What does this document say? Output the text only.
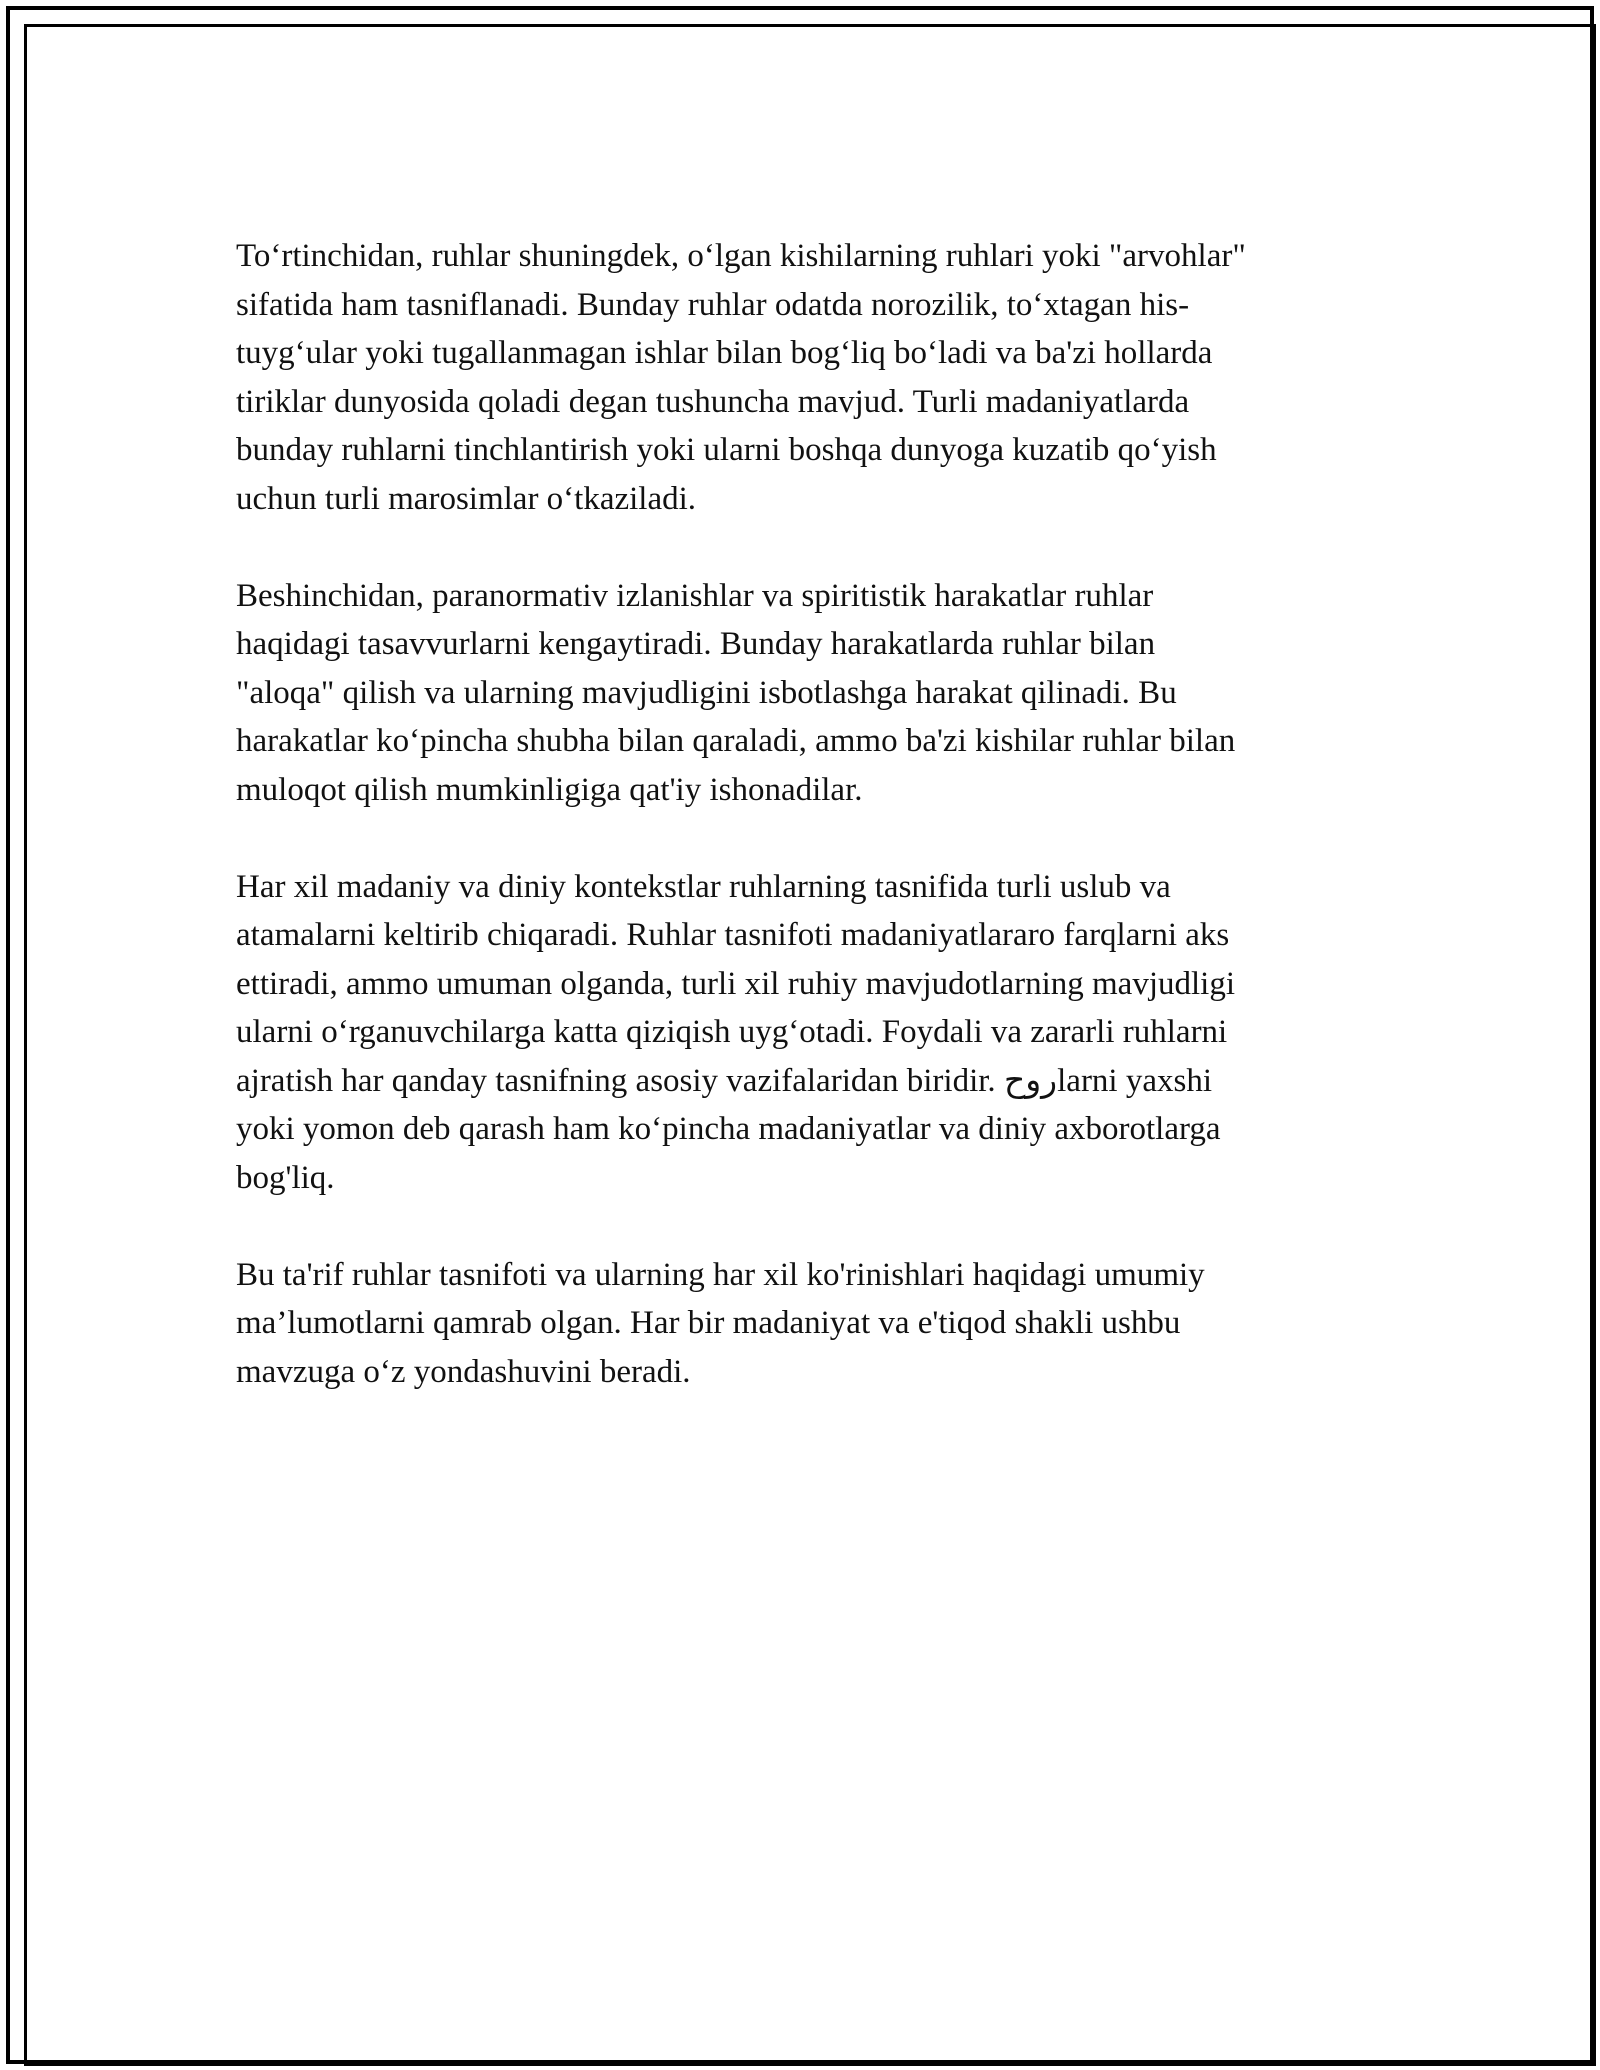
To‘rtinchidan, ruhlar shuningdek, o‘lgan kishilarning ruhlari yoki "arvohlar"
sifatida ham tasniflanadi. Bunday ruhlar odatda norozilik, to‘xtagan his-
tuyg‘ular yoki tugallanmagan ishlar bilan bog‘liq bo‘ladi va ba'zi hollarda
tiriklar dunyosida qoladi degan tushuncha mavjud. Turli madaniyatlarda
bunday ruhlarni tinchlantirish yoki ularni boshqa dunyoga kuzatib qo‘yish
uchun turli marosimlar o‘tkaziladi.

Beshinchidan, paranormativ izlanishlar va spiritistik harakatlar ruhlar
haqidagi tasavvurlarni kengaytiradi. Bunday harakatlarda ruhlar bilan
"aloqa" qilish va ularning mavjudligini isbotlashga harakat qilinadi. Bu
harakatlar ko‘pincha shubha bilan qaraladi, ammo ba'zi kishilar ruhlar bilan
muloqot qilish mumkinligiga qat'iy ishonadilar.

Har xil madaniy va diniy kontekstlar ruhlarning tasnifida turli uslub va
atamalarni keltirib chiqaradi. Ruhlar tasnifoti madaniyatlararo farqlarni aks
ettiradi, ammo umuman olganda, turli xil ruhiy mavjudotlarning mavjudligi
ularni o‘rganuvchilarga katta qiziqish uyg‘otadi. Foydali va zararli ruhlarni
ajratish har qanday tasnifning asosiy vazifalaridan biridir. روحlarni yaxshi
yoki yomon deb qarash ham ko‘pincha madaniyatlar va diniy axborotlarga
bog'liq.

Bu ta'rif ruhlar tasnifoti va ularning har xil ko'rinishlari haqidagi umumiy
ma’lumotlarni qamrab olgan. Har bir madaniyat va e'tiqod shakli ushbu
mavzuga o‘z yondashuvini beradi.
